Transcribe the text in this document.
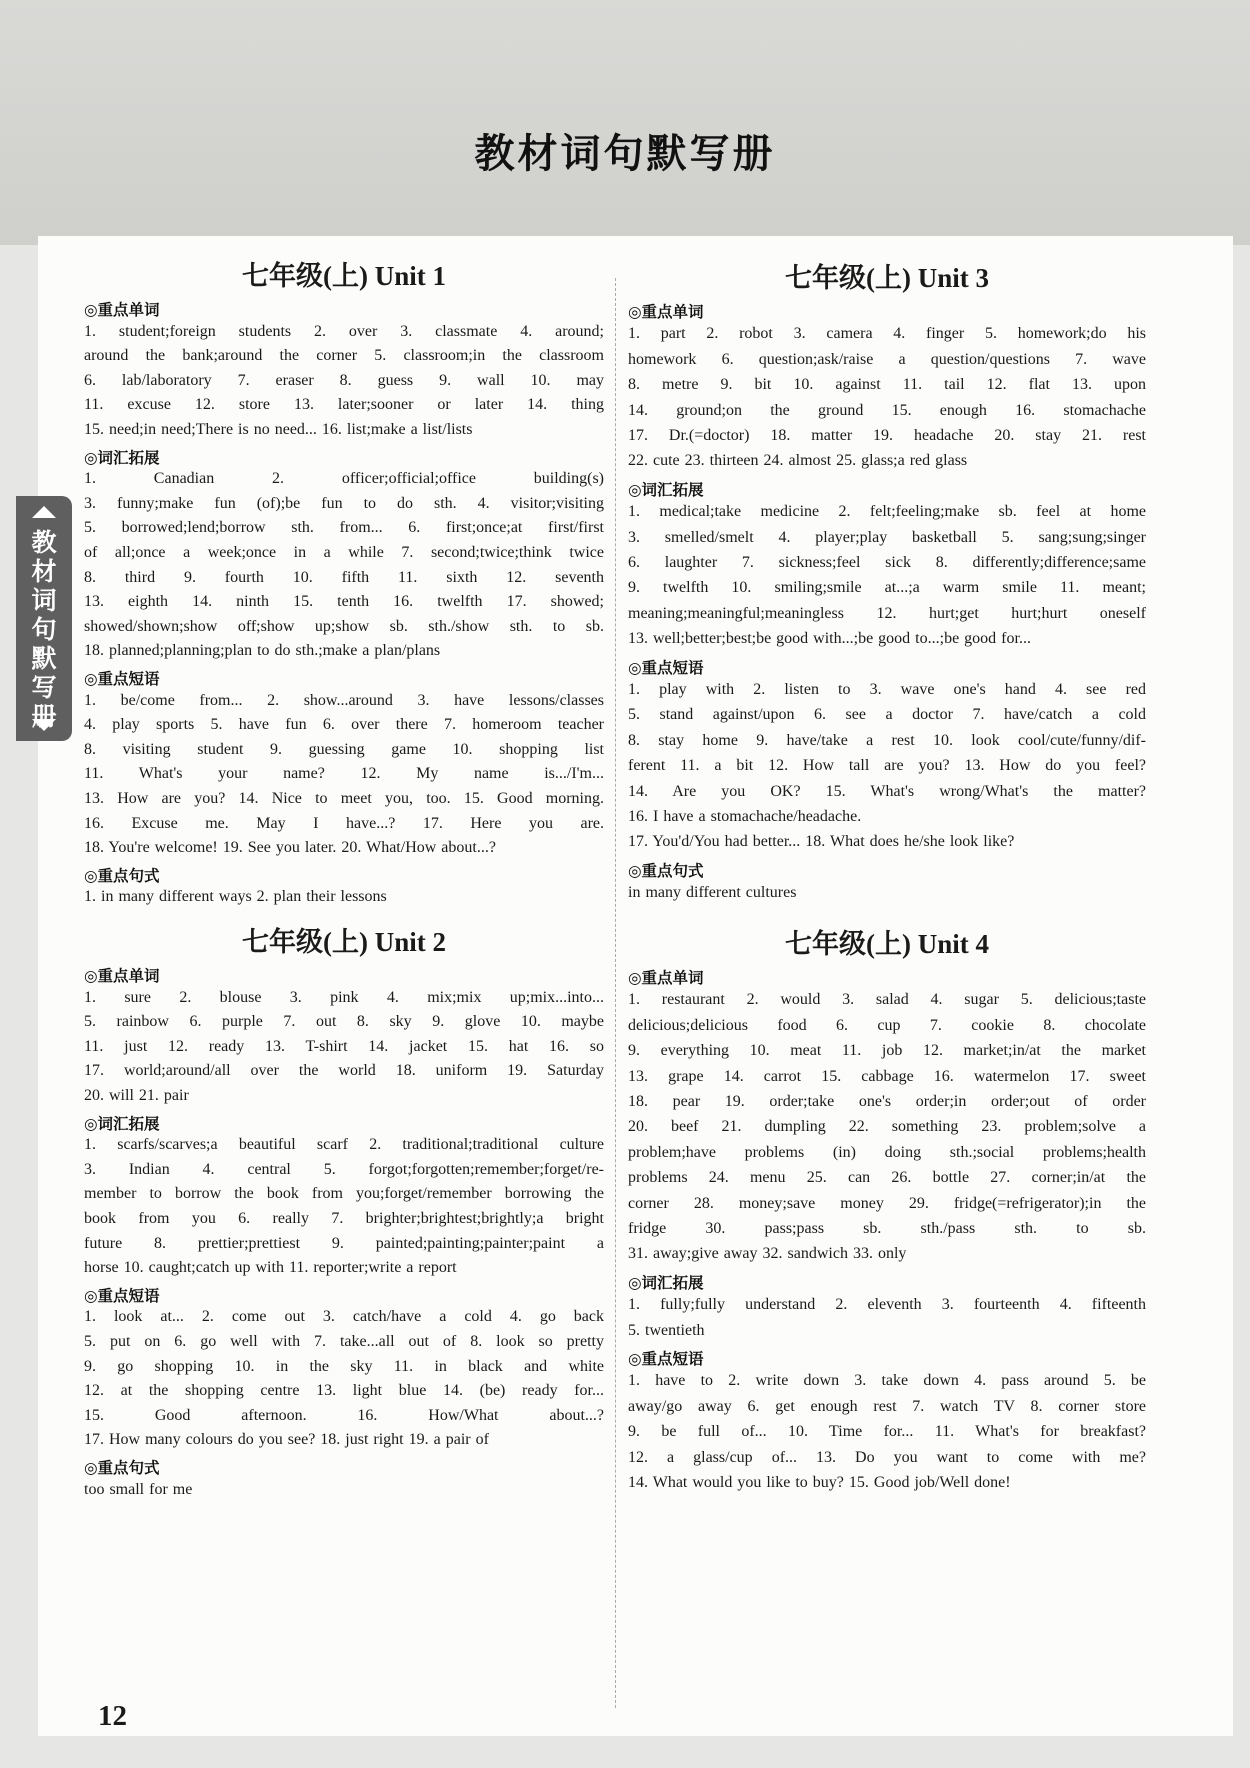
教材词句默写册
教
材
词
句
默
写
册
七年级(上) Unit 1
◎重点单词
1. student;foreign students 2. over 3. classmate 4. around;
around the bank;around the corner 5. classroom;in the classroom
6. lab/laboratory 7. eraser 8. guess 9. wall 10. may
11. excuse 12. store 13. later;sooner or later 14. thing
15. need;in need;There is no need... 16. list;make a list/lists
◎词汇拓展
1. Canadian 2. officer;official;office building(s)
3. funny;make fun (of);be fun to do sth. 4. visitor;visiting
5. borrowed;lend;borrow sth. from... 6. first;once;at first/first
of all;once a week;once in a while 7. second;twice;think twice
8. third 9. fourth 10. fifth 11. sixth 12. seventh
13. eighth 14. ninth 15. tenth 16. twelfth 17. showed;
showed/shown;show off;show up;show sb. sth./show sth. to sb.
18. planned;planning;plan to do sth.;make a plan/plans
◎重点短语
1. be/come from... 2. show...around 3. have lessons/classes
4. play sports 5. have fun 6. over there 7. homeroom teacher
8. visiting student 9. guessing game 10. shopping list
11. What's your name? 12. My name is.../I'm...
13. How are you? 14. Nice to meet you, too. 15. Good morning.
16. Excuse me. May I have...? 17. Here you are.
18. You're welcome! 19. See you later. 20. What/How about...?
◎重点句式
1. in many different ways 2. plan their lessons
七年级(上) Unit 2
◎重点单词
1. sure 2. blouse 3. pink 4. mix;mix up;mix...into...
5. rainbow 6. purple 7. out 8. sky 9. glove 10. maybe
11. just 12. ready 13. T-shirt 14. jacket 15. hat 16. so
17. world;around/all over the world 18. uniform 19. Saturday
20. will 21. pair
◎词汇拓展
1. scarfs/scarves;a beautiful scarf 2. traditional;traditional culture
3. Indian 4. central 5. forgot;forgotten;remember;forget/re-
member to borrow the book from you;forget/remember borrowing the
book from you 6. really 7. brighter;brightest;brightly;a bright
future 8. prettier;prettiest 9. painted;painting;painter;paint a
horse 10. caught;catch up with 11. reporter;write a report
◎重点短语
1. look at... 2. come out 3. catch/have a cold 4. go back
5. put on 6. go well with 7. take...all out of 8. look so pretty
9. go shopping 10. in the sky 11. in black and white
12. at the shopping centre 13. light blue 14. (be) ready for...
15. Good afternoon. 16. How/What about...?
17. How many colours do you see? 18. just right 19. a pair of
◎重点句式
too small for me
七年级(上) Unit 3
◎重点单词
1. part 2. robot 3. camera 4. finger 5. homework;do his
homework 6. question;ask/raise a question/questions 7. wave
8. metre 9. bit 10. against 11. tail 12. flat 13. upon
14. ground;on the ground 15. enough 16. stomachache
17. Dr.(=doctor) 18. matter 19. headache 20. stay 21. rest
22. cute 23. thirteen 24. almost 25. glass;a red glass
◎词汇拓展
1. medical;take medicine 2. felt;feeling;make sb. feel at home
3. smelled/smelt 4. player;play basketball 5. sang;sung;singer
6. laughter 7. sickness;feel sick 8. differently;difference;same
9. twelfth 10. smiling;smile at...;a warm smile 11. meant;
meaning;meaningful;meaningless 12. hurt;get hurt;hurt oneself
13. well;better;best;be good with...;be good to...;be good for...
◎重点短语
1. play with 2. listen to 3. wave one's hand 4. see red
5. stand against/upon 6. see a doctor 7. have/catch a cold
8. stay home 9. have/take a rest 10. look cool/cute/funny/dif-
ferent 11. a bit 12. How tall are you? 13. How do you feel?
14. Are you OK? 15. What's wrong/What's the matter?
16. I have a stomachache/headache.
17. You'd/You had better... 18. What does he/she look like?
◎重点句式
in many different cultures
七年级(上) Unit 4
◎重点单词
1. restaurant 2. would 3. salad 4. sugar 5. delicious;taste
delicious;delicious food 6. cup 7. cookie 8. chocolate
9. everything 10. meat 11. job 12. market;in/at the market
13. grape 14. carrot 15. cabbage 16. watermelon 17. sweet
18. pear 19. order;take one's order;in order;out of order
20. beef 21. dumpling 22. something 23. problem;solve a
problem;have problems (in) doing sth.;social problems;health
problems 24. menu 25. can 26. bottle 27. corner;in/at the
corner 28. money;save money 29. fridge(=refrigerator);in the
fridge 30. pass;pass sb. sth./pass sth. to sb.
31. away;give away 32. sandwich 33. only
◎词汇拓展
1. fully;fully understand 2. eleventh 3. fourteenth 4. fifteenth
5. twentieth
◎重点短语
1. have to 2. write down 3. take down 4. pass around 5. be
away/go away 6. get enough rest 7. watch TV 8. corner store
9. be full of... 10. Time for... 11. What's for breakfast?
12. a glass/cup of... 13. Do you want to come with me?
14. What would you like to buy? 15. Good job/Well done!
12
